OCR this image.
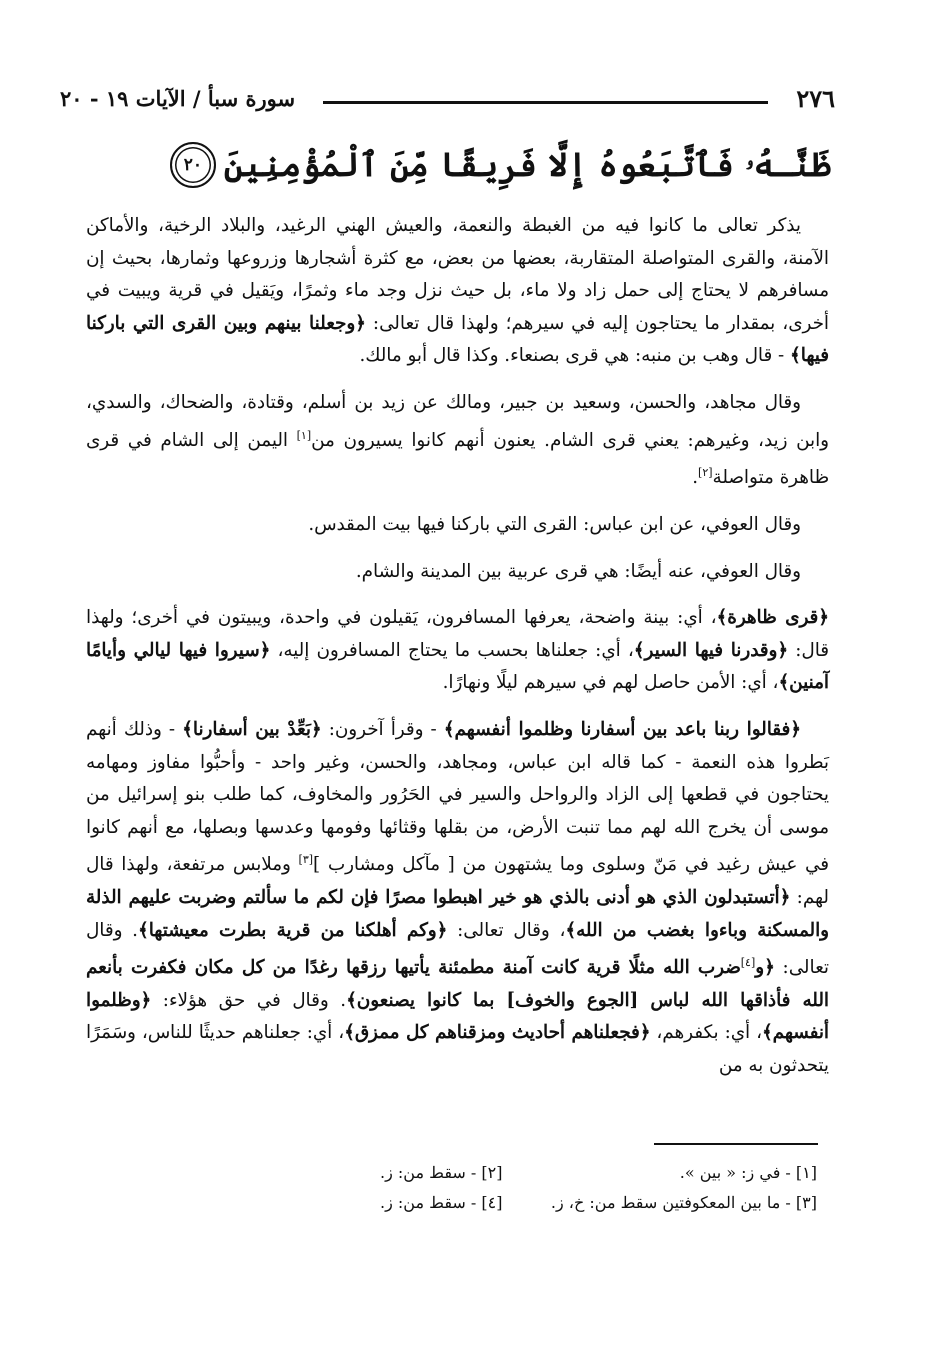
٢٧٦
سورة سبأ / الآيات ١٩ - ٢٠
ظَنَّـهُۥ فَٱتَّبَعُوهُ إِلَّا فَرِيقًا مِّنَ ٱلْمُؤْمِنِينَ
٢٠

يذكر تعالى ما كانوا فيه من الغبطة والنعمة، والعيش الهني الرغيد، والبلاد الرخية، والأماكن الآمنة، والقرى المتواصلة المتقاربة، بعضها من بعض، مع كثرة أشجارها وزروعها وثمارها، بحيث إن مسافرهم لا يحتاج إلى حمل زاد ولا ماء، بل حيث نزل وجد ماء وثمرًا، ويَقيل في قرية ويبيت في أخرى، بمقدار ما يحتاجون إليه في سيرهم؛ ولهذا قال تعالى: ﴿وجعلنا بينهم وبين القرى التي باركنا فيها﴾ - قال وهب بن منبه: هي قرى بصنعاء. وكذا قال أبو مالك.

وقال مجاهد، والحسن، وسعيد بن جبير، ومالك عن زيد بن أسلم، وقتادة، والضحاك، والسدي، وابن زيد، وغيرهم: يعني قرى الشام. يعنون أنهم كانوا يسيرون من[١] اليمن إلى الشام في قرى ظاهرة متواصلة[٢].

وقال العوفي، عن ابن عباس: القرى التي باركنا فيها بيت المقدس.

وقال العوفي، عنه أيضًا: هي قرى عربية بين المدينة والشام.

﴿قرى ظاهرة﴾، أي: بينة واضحة، يعرفها المسافرون، يَقيلون في واحدة، ويبيتون في أخرى؛ ولهذا قال: ﴿وقدرنا فيها السير﴾، أي: جعلناها بحسب ما يحتاج المسافرون إليه، ﴿سيروا فيها ليالي وأيامًا آمنين﴾، أي: الأمن حاصل لهم في سيرهم ليلًا ونهارًا.

﴿فقالوا ربنا باعد بين أسفارنا وظلموا أنفسهم﴾ - وقرأ آخرون: ﴿بَعِّدْ بين أسفارنا﴾ - وذلك أنهم بَطروا هذه النعمة - كما قاله ابن عباس، ومجاهد، والحسن، وغير واحد - وأحبُّوا مفاوز ومهامه يحتاجون في قطعها إلى الزاد والرواحل والسير في الحَرُور والمخاوف، كما طلب بنو إسرائيل من موسى أن يخرج الله لهم مما تنبت الأرض، من بقلها وقثائها وفومها وعدسها وبصلها، مع أنهم كانوا في عيش رغيد في مَنّ وسلوى وما يشتهون من [ مآكل ومشارب ][٣] وملابس مرتفعة، ولهذا قال لهم: ﴿أتستبدلون الذي هو أدنى بالذي هو خير اهبطوا مصرًا فإن لكم ما سألتم وضربت عليهم الذلة والمسكنة وباءوا بغضب من الله﴾، وقال تعالى: ﴿وكم أهلكنا من قرية بطرت معيشتها﴾. وقال تعالى: ﴿و[٤]ضرب الله مثلًا قرية كانت آمنة مطمئنة يأتيها رزقها رغدًا من كل مكان فكفرت بأنعم الله فأذاقها الله لباس [الجوع والخوف] بما كانوا يصنعون﴾. وقال في حق هؤلاء: ﴿وظلموا أنفسهم﴾، أي: بكفرهم، ﴿فجعلناهم أحاديث ومزقناهم كل ممزق﴾، أي: جعلناهم حديثًا للناس، وسَمَرًا يتحدثون به من

[١] - في ز: « بين ».
[٢] - سقط من: ز.
[٣] - ما بين المعكوفتين سقط من: خ، ز.
[٤] - سقط من: ز.
